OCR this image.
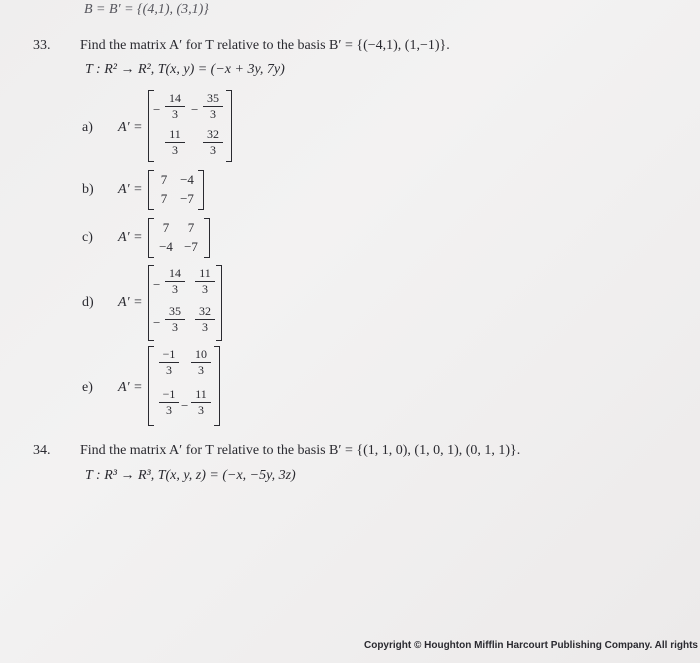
B = B′ = {(4,1), (3,1)}
33. Find the matrix A′ for T relative to the basis B′ = {(−4,1), (1,−1)}.
T : R² → R², T(x, y) = (−x + 3y, 7y)
a) A′ =
−
14
3	−
35
3
11
3
32
3
b) A′ =
7 −4
7 −7
c) A′ =
7	7
−4 −7
d) A′ =
−
14
3
11
3
−
35
3
32
3
e) A′ =
−1
3
10
3
−1
3 −
11
3
34. Find the matrix A′ for T relative to the basis B′ = {(1, 1, 0), (1, 0, 1), (0, 1, 1)}.
T : R³ → R³, T(x, y, z) = (−x, −5y, 3z)
Copyright © Houghton Mifflin Harcourt Publishing Company. All rights
